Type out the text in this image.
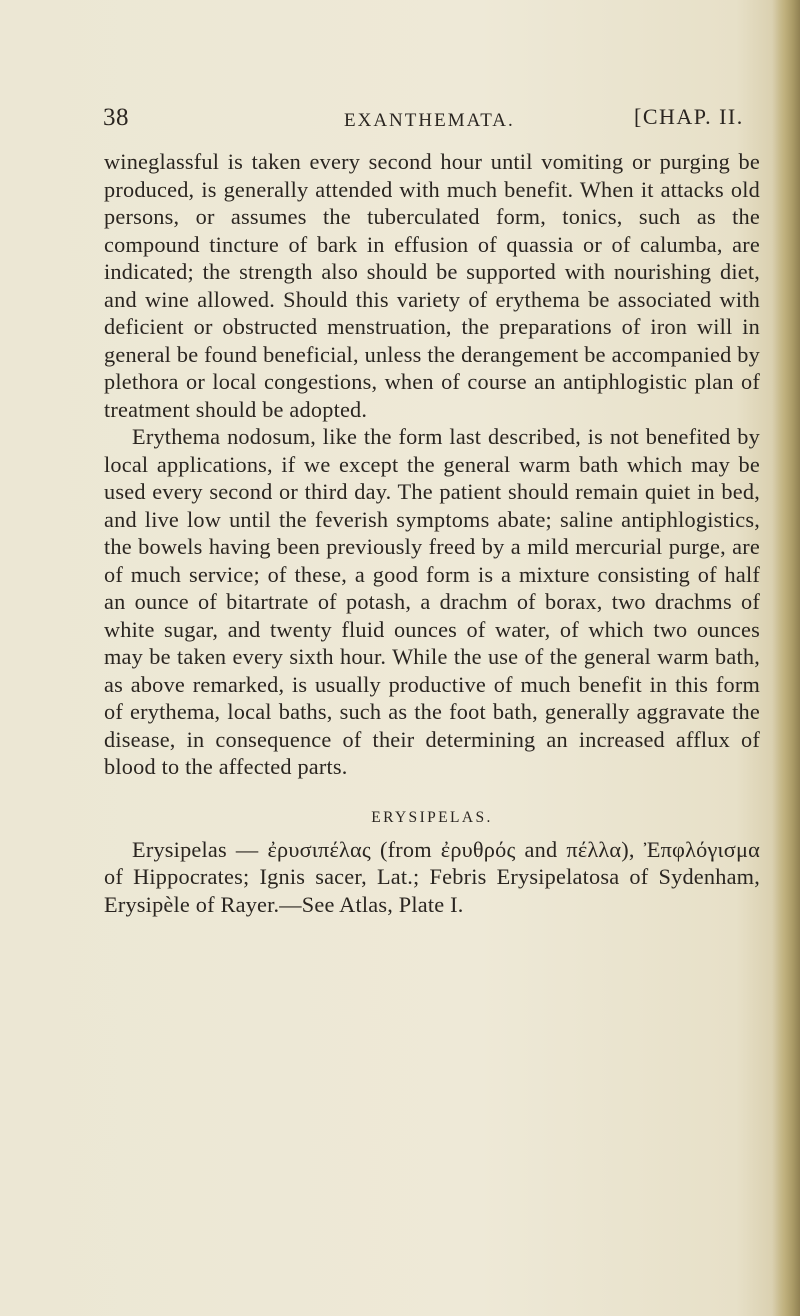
38	EXANTHEMATA.	[CHAP. II.

wineglassful is taken every second hour until vomiting or purging be produced, is generally attended with much benefit. When it attacks old persons, or assumes the tuberculated form, tonics, such as the compound tincture of bark in effusion of quassia or of calumba, are indicated; the strength also should be supported with nourishing diet, and wine allowed. Should this variety of erythema be associated with deficient or obstructed menstruation, the preparations of iron will in general be found beneficial, unless the derangement be accompanied by plethora or local congestions, when of course an antiphlogistic plan of treatment should be adopted.

Erythema nodosum, like the form last described, is not benefited by local applications, if we except the general warm bath which may be used every second or third day. The patient should remain quiet in bed, and live low until the feverish symptoms abate; saline antiphlogistics, the bowels having been previously freed by a mild mercurial purge, are of much service; of these, a good form is a mixture consisting of half an ounce of bitartrate of potash, a drachm of borax, two drachms of white sugar, and twenty fluid ounces of water, of which two ounces may be taken every sixth hour. While the use of the general warm bath, as above remarked, is usually productive of much benefit in this form of erythema, local baths, such as the foot bath, generally aggravate the disease, in consequence of their determining an increased afflux of blood to the affected parts.

ERYSIPELAS.

Erysipelas — ἐρυσιπέλας (from ἐρυθρός and πέλλα), Ἐπφλόγισμα of Hippocrates; Ignis sacer, Lat.; Febris Erysipelatosa of Sydenham, Erysipèle of Rayer.—See Atlas, Plate I.
